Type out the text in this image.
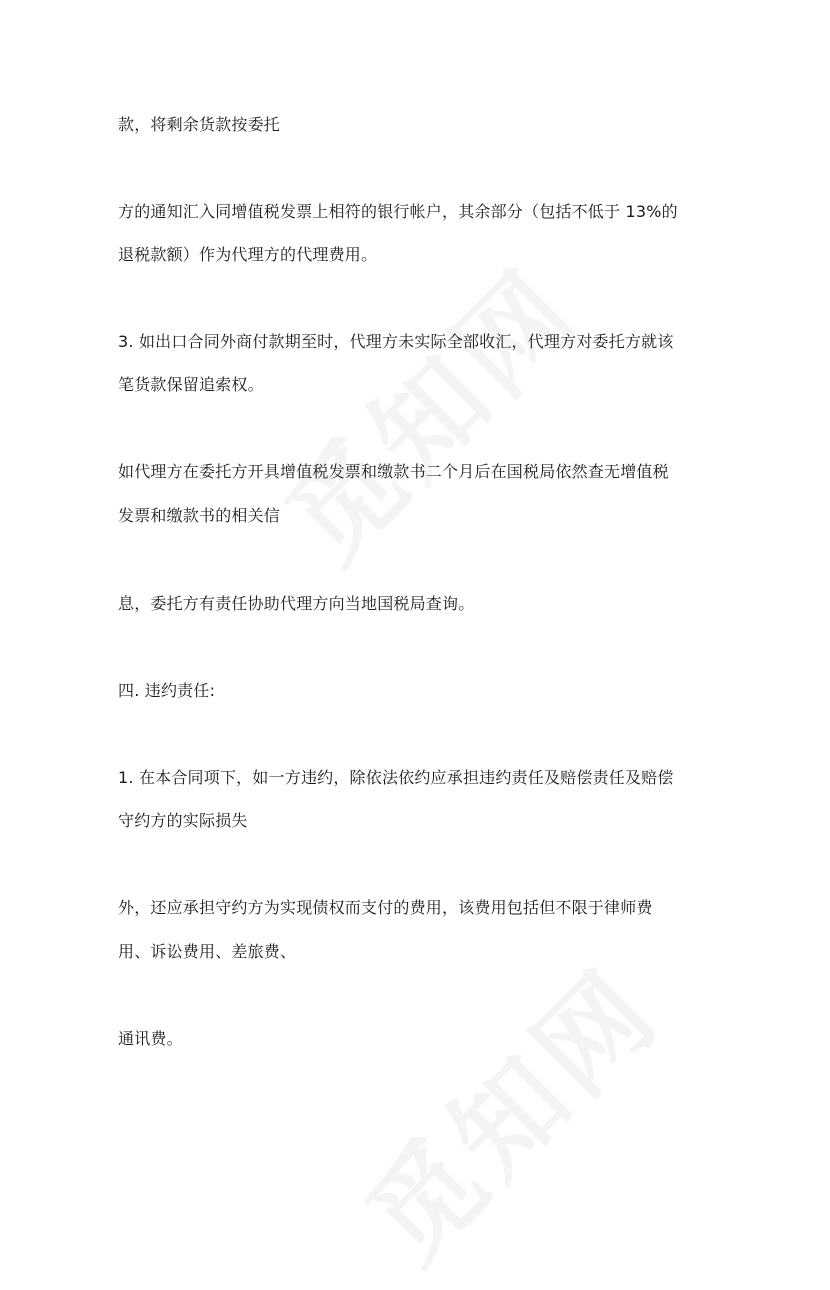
款，将剩余货款按委托
方的通知汇入同增值税发票上相符的银行帐户，其余部分（包括不低于 13%的
退税款额）作为代理方的代理费用。
3. 如出口合同外商付款期至时，代理方未实际全部收汇，代理方对委托方就该
笔货款保留追索权。
如代理方在委托方开具增值税发票和缴款书二个月后在国税局依然查无增值税
发票和缴款书的相关信
息，委托方有责任协助代理方向当地国税局查询。
四. 违约责任:
1. 在本合同项下，如一方违约，除依法依约应承担违约责任及赔偿责任及赔偿
守约方的实际损失
外，还应承担守约方为实现债权而支付的费用，该费用包括但不限于律师费
用、诉讼费用、差旅费、
通讯费。
